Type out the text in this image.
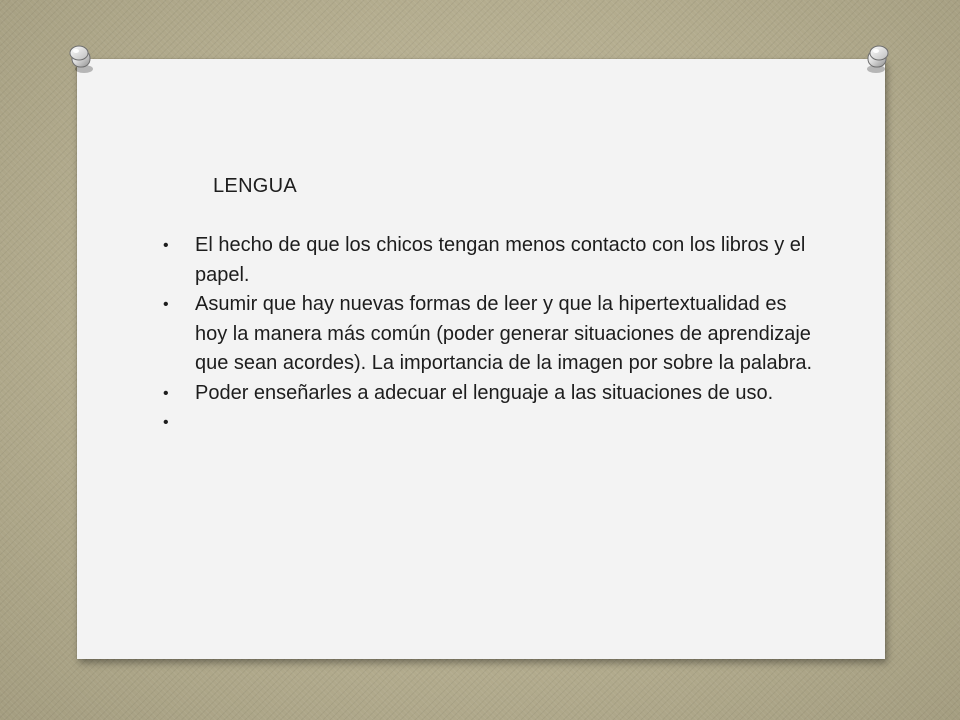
LENGUA
• El hecho de que los chicos tengan menos contacto con los libros y el papel.
• Asumir que hay nuevas formas de leer y que la hipertextualidad es hoy la manera más común (poder generar situaciones de aprendizaje que sean acordes). La importancia de la imagen por sobre la palabra.
• Poder enseñarles a adecuar el lenguaje a las situaciones de uso.
•
